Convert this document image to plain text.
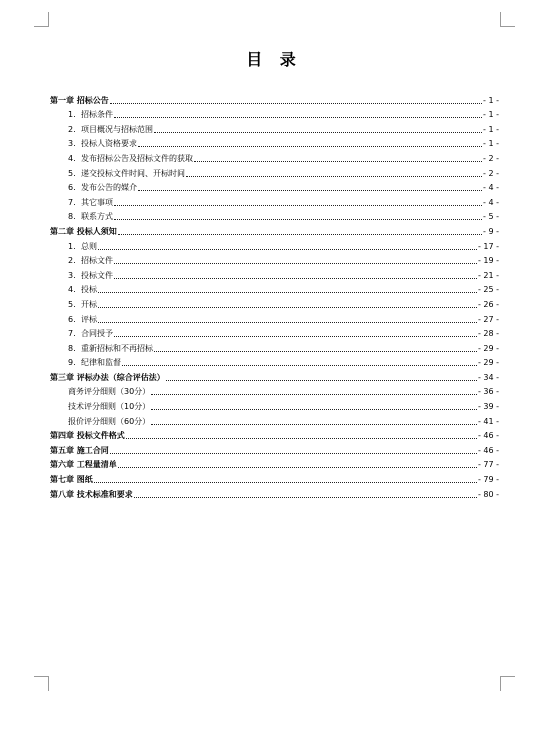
目 录
第一章 招标公告	- 1 -
1. 招标条件	- 1 -
2. 项目概况与招标范围	- 1 -
3. 投标人资格要求	- 1 -
4. 发布招标公告及招标文件的获取	- 2 -
5. 递交投标文件时间、开标时间	- 2 -
6. 发布公告的媒介	- 4 -
7. 其它事项	- 4 -
8. 联系方式	- 5 -
第二章 投标人须知	- 9 -
1. 总则	- 17 -
2. 招标文件	- 19 -
3. 投标文件	- 21 -
4. 投标	- 25 -
5. 开标	- 26 -
6. 评标	- 27 -
7. 合同授予	- 28 -
8. 重新招标和不再招标	- 29 -
9. 纪律和监督	- 29 -
第三章 评标办法（综合评估法）	- 34 -
商务评分细则（30分）	- 36 -
技术评分细则（10分）	- 39 -
报价评分细则（60分）	- 41 -
第四章 投标文件格式	- 46 -
第五章 施工合同	- 46 -
第六章 工程量清单	- 77 -
第七章 图纸	- 79 -
第八章 技术标准和要求	- 80 -
